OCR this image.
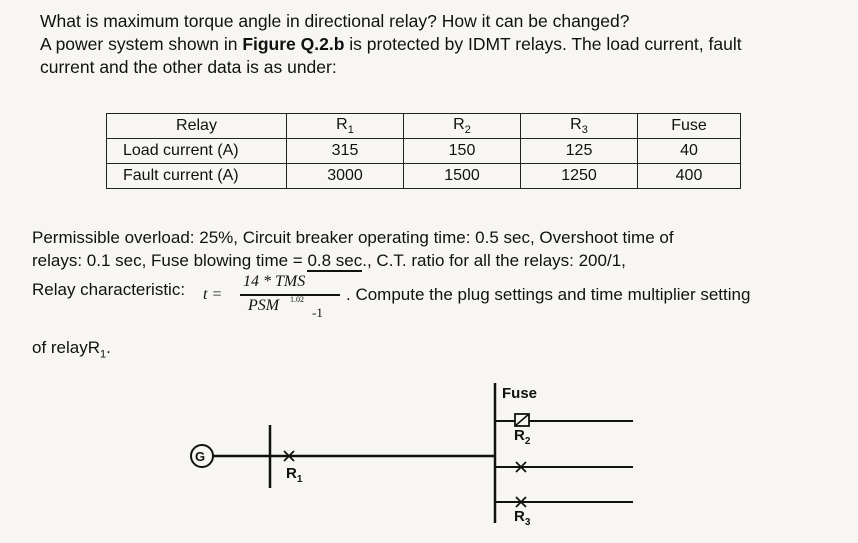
What is maximum torque angle in directional relay? How it can be changed?
A power system shown in Figure Q.2.b is protected by IDMT relays. The load current, fault
current and the other data is as under:
Relay	$R_1$	$R_2$	$R_3$	Fuse
Load current (A)	315	150	125	40
Fault current (A)	3000	1500	1250	400
Permissible overload: 25%, Circuit breaker operating time: 0.5 sec, Overshoot time of
relays: 0.1 sec, Fuse blowing time = 0.8 sec., C.T. ratio for all the relays: 200/1,
Relay characteristic: t =
14 * TMS
PSM 1.02
-1
. Compute the plug settings and time multiplier setting
of relayR$_1$.
G
Fuse
$R_2$
$R_3$
$R_1$
